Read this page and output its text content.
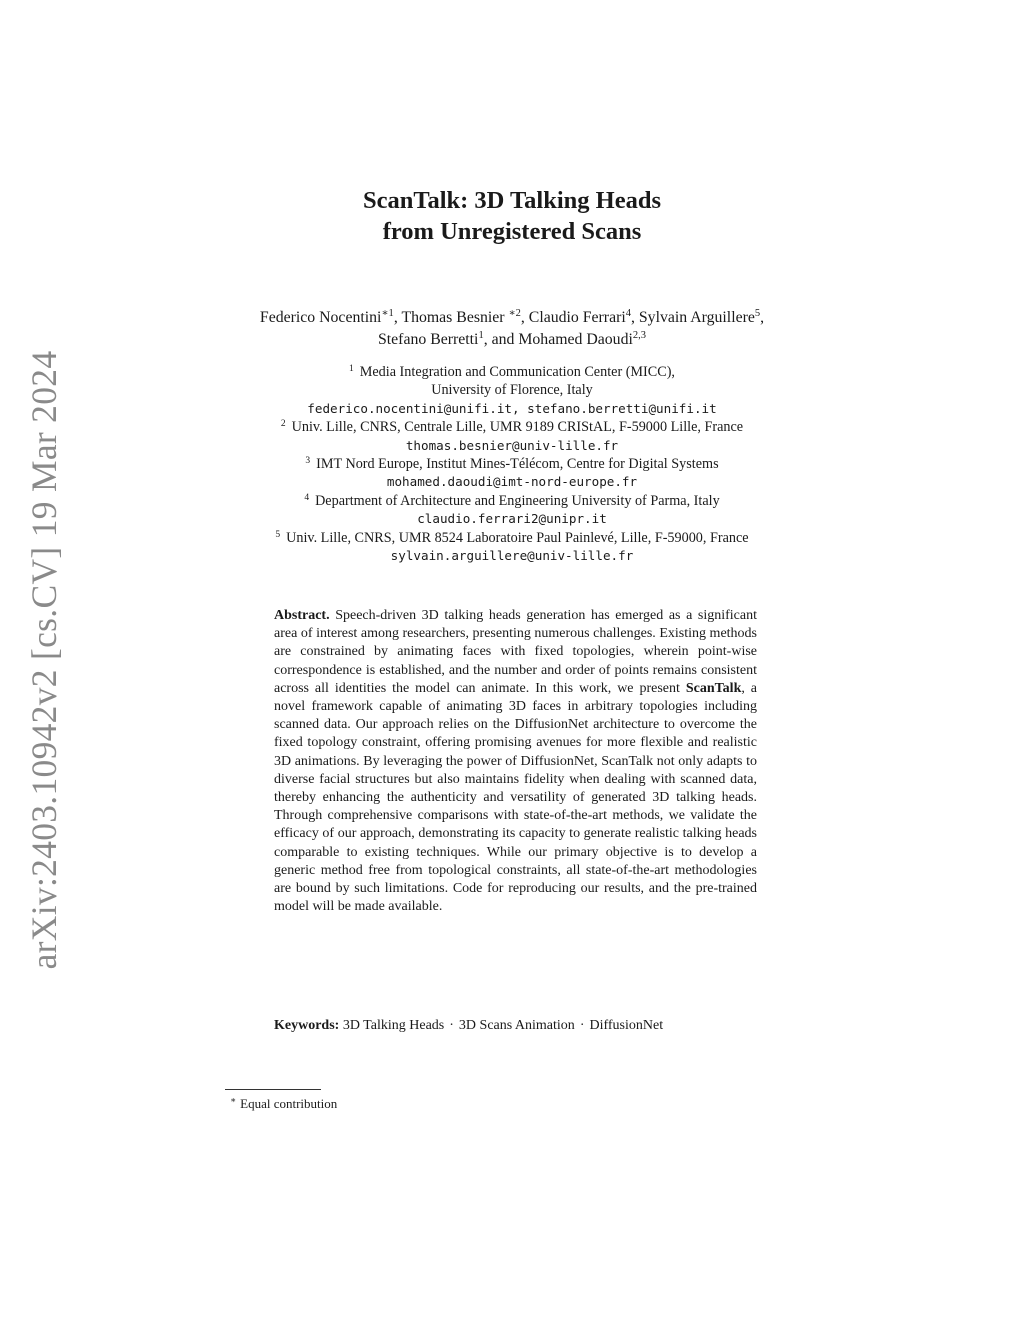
arXiv:2403.10942v2 [cs.CV] 19 Mar 2024
ScanTalk: 3D Talking Heads
from Unregistered Scans
Federico Nocentini$^{∗1}$, Thomas Besnier $^{∗2}$, Claudio Ferrari$^4$, Sylvain Arguillere$^5$,
Stefano Berretti$^1$, and Mohamed Daoudi$^{2,3}$
$^1$ Media Integration and Communication Center (MICC),
University of Florence, Italy
federico.nocentini@unifi.it, stefano.berretti@unifi.it
$^2$ Univ. Lille, CNRS, Centrale Lille, UMR 9189 CRIStAL, F-59000 Lille, France
thomas.besnier@univ-lille.fr
$^3$ IMT Nord Europe, Institut Mines-Télécom, Centre for Digital Systems
mohamed.daoudi@imt-nord-europe.fr
$^4$ Department of Architecture and Engineering University of Parma, Italy
claudio.ferrari2@unipr.it
$^5$ Univ. Lille, CNRS, UMR 8524 Laboratoire Paul Painlevé, Lille, F-59000, France
sylvain.arguillere@univ-lille.fr
Abstract. Speech-driven 3D talking heads generation has emerged as a significant area of interest among researchers, presenting numerous challenges. Existing methods are constrained by animating faces with fixed topologies, wherein point-wise correspondence is established, and the number and order of points remains consistent across all identities the model can animate. In this work, we present ScanTalk, a novel framework capable of animating 3D faces in arbitrary topologies including scanned data. Our approach relies on the DiffusionNet architecture to overcome the fixed topology constraint, offering promising avenues for more flexible and realistic 3D animations. By leveraging the power of DiffusionNet, ScanTalk not only adapts to diverse facial structures but also maintains fidelity when dealing with scanned data, thereby enhancing the authenticity and versatility of generated 3D talking heads. Through comprehensive comparisons with state-of-the-art methods, we validate the efficacy of our approach, demonstrating its capacity to generate realistic talking heads comparable to existing techniques. While our primary objective is to develop a generic method free from topological constraints, all state-of-the-art methodologies are bound by such limitations. Code for reproducing our results, and the pre-trained model will be made available.
Keywords: 3D Talking Heads · 3D Scans Animation · DiffusionNet
∗ Equal contribution
